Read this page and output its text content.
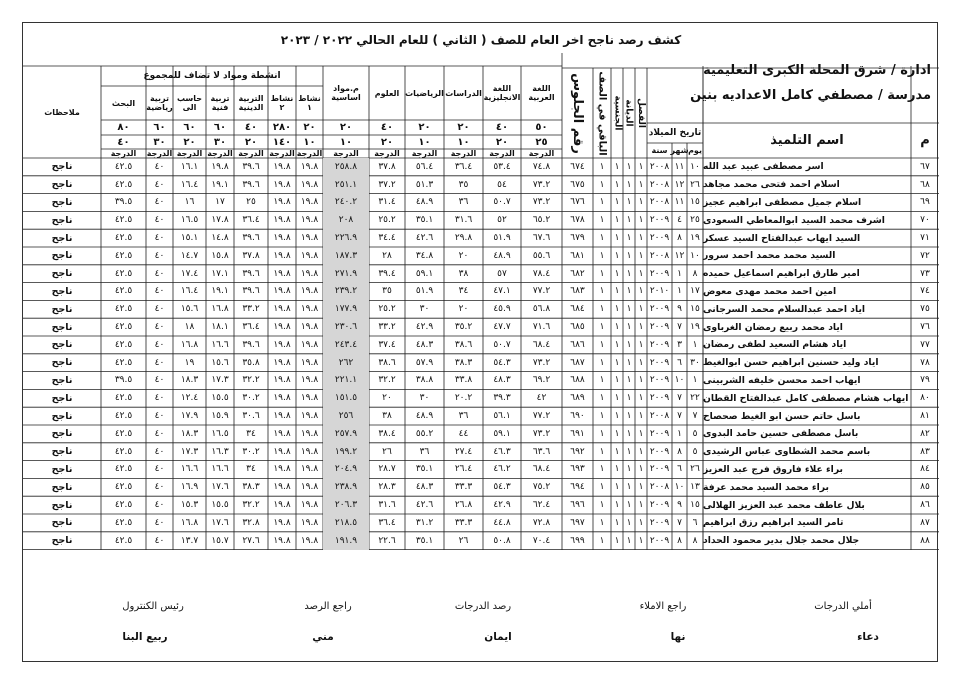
كشف رصد ناجح اخر العام للصف ( الثاني ) للعام الحالي ٢٠٢٢ / ٢٠٢٣
ادارة / شرق المحلة الكبرى التعليمية
مدرسة / مصطفي كامل الاعداديه بنين
ملاحظات
انشطة ومواد لا تضاف للمجموع
البحث
٨٠
٤٠
الدرجة
تربية رياضية
٦٠
٣٠
الدرجة
حاسب الى
٦٠
٢٠
الدرجة
تربية فنية
٦٠
٣٠
الدرجة
التربية الدينية
٤٠
٢٠
الدرجة
نشاط ٢
٢٨٠
١٤٠
الدرجة
نشاط ١
٢٠
١٠
الدرجة
م.مواد اساسية
٢٠
١٠
الدرجة
العلوم
٤٠
٢٠
الدرجة
الرياضيات
٢٠
١٠
الدرجة
الدراسات
٢٠
١٠
الدرجة
اللغة الانجليزية
٤٠
٢٠
الدرجة
اللغة العربية
٥٠
٢٥
الدرجة
م
اسم التلميذ
تاريخ الميلاد
سنة شهر يوم
رقم الجلوس الباقي في الصف الجنسية الديانة الفصل
٦٧
اسر مصطفى عبيد عبد الله
١٠
١١
٢٠٠٨
١
١
١
١
٦٧٤
٧٤.٨
٥٣.٤
٣٦.٤
٥٦.٤
٣٧.٨
٢٥٨.٨
١٩.٨
١٩.٨
٣٩.٦
١٩.٨
١٦.١
٤٠
٤٢.٥
ناجح
٦٨
اسلام احمد فتحى محمد مجاهد
٢٦
١٢
٢٠٠٨
١
١
١
١
٦٧٥
٧٣.٢
٥٤
٣٥
٥١.٣
٣٧.٢
٢٥١.١
١٩.٨
١٩.٨
٣٩.٦
١٩.١
١٦.٤
٤٠
٤٢.٥
ناجح
٦٩
اسلام جميل مصطفى ابراهيم عجيز
١٥
١١
٢٠٠٨
١
١
١
١
٦٧٦
٧٣.٢
٥٠.٧
٣٦
٤٨.٩
٣١.٤
٢٤٠.٢
١٩.٨
١٩.٨
٢٥
١٧
١٦
٤٠
٣٩.٥
ناجح
٧٠
اشرف محمد السيد ابوالمعاطي السعودى
٢٥
٤
٢٠٠٩
١
١
١
١
٦٧٨
٦٥.٢
٥٢
٣١.٦
٣٥.١
٢٥.٢
٢٠٨
١٩.٨
١٩.٨
٣٦.٤
١٧.٨
١٦.٥
٤٠
٤٢.٥
ناجح
٧١
السيد ايهاب عبدالفتاح السيد عسكر
١٩
٨
٢٠٠٩
١
١
١
١
٦٧٩
٦٧.٦
٥١.٩
٢٩.٨
٤٢.٦
٣٤.٤
٢٢٦.٩
١٩.٨
١٩.٨
٣٩.٦
١٤.٨
١٥.١
٤٠
٤٢.٥
ناجح
٧٢
السيد محمد محمد احمد سرور
١٠
١٢
٢٠٠٨
١
١
١
١
٦٨١
٥٥.٦
٤٨.٩
٢٠
٣٤.٨
٢٨
١٨٧.٣
١٩.٨
١٩.٨
٣٧.٨
١٥.٨
١٤.٧
٤٠
٤٢.٥
ناجح
٧٣
امير طارق ابراهيم اسماعيل حميده
٨
١
٢٠٠٩
١
١
١
١
٦٨٢
٧٨.٤
٥٧
٣٨
٥٩.١
٣٩.٤
٢٧١.٩
١٩.٨
١٩.٨
٣٩.٦
١٧.١
١٧.٤
٤٠
٤٢.٥
ناجح
٧٤
امين احمد محمد مهدى معوض
١٧
١
٢٠١٠
١
١
١
١
٦٨٣
٧٧.٢
٤٧.١
٣٤
٥١.٩
٣٥
٢٣٩.٢
١٩.٨
١٩.٨
٣٩.٦
١٩.١
١٦.٤
٤٠
٤٢.٥
ناجح
٧٥
اياد احمد عبدالسلام محمد السرجانى
١٥
٩
٢٠٠٩
١
١
١
١
٦٨٤
٥٦.٨
٤٥.٩
٢٠
٣٠
٢٥.٢
١٧٧.٩
١٩.٨
١٩.٨
٣٣.٢
١٦.٨
١٥.٦
٤٠
٤٢.٥
ناجح
٧٦
اياد محمد ربيع رمضان الغرباوى
١٩
٧
٢٠٠٩
١
١
١
١
٦٨٥
٧١.٦
٤٧.٧
٣٥.٢
٤٢.٩
٣٣.٢
٢٣٠.٦
١٩.٨
١٩.٨
٣٦.٤
١٨.١
١٨
٤٠
٤٢.٥
ناجح
٧٧
اياد هشام السعيد لطفى رمضان
١
٣
٢٠٠٩
١
١
١
١
٦٨٦
٦٨.٤
٥٠.٧
٣٨.٦
٤٨.٣
٣٧.٤
٢٤٣.٤
١٩.٨
١٩.٨
٣٩.٦
١٦.٦
١٦.٨
٤٠
٤٢.٥
ناجح
٧٨
اياد وليد حسنين ابراهيم حسن ابوالغيط
٣٠
٦
٢٠٠٩
١
١
١
١
٦٨٧
٧٣.٢
٥٤.٣
٣٨.٣
٥٧.٩
٣٨.٦
٢٦٢
١٩.٨
١٩.٨
٣٥.٨
١٥.٦
١٩
٤٠
٤٢.٥
ناجح
٧٩
ايهاب احمد محسن خليفه الشربينى
١
١٠
٢٠٠٩
١
١
١
١
٦٨٨
٦٩.٢
٤٨.٣
٣٣.٨
٣٨.٨
٣٢.٢
٢٢١.١
١٩.٨
١٩.٨
٣٢.٢
١٧.٣
١٨.٣
٤٠
٣٩.٥
ناجح
٨٠
ايهاب هشام مصطفى كامل عبدالفتاح القطان
٢٢
٧
٢٠٠٩
١
١
١
١
٦٨٩
٤٢
٣٩.٣
٢٠.٢
٣٠
٢٠
١٥١.٥
١٩.٨
١٩.٨
٣٠.٢
١٥.٥
١٢.٤
٤٠
٤٢.٥
ناجح
٨١
باسل حاتم حسن ابو الغيط صحصاح
٧
٧
٢٠٠٨
١
١
١
١
٦٩٠
٧٧.٢
٥٦.١
٣٦
٤٨.٩
٣٨
٢٥٦
١٩.٨
١٩.٨
٣٠.٦
١٥.٩
١٧.٩
٤٠
٤٢.٥
ناجح
٨٢
باسل مصطفى حسين حامد البدوى
٥
١
٢٠٠٩
١
١
١
١
٦٩١
٧٣.٢
٥٩.١
٤٤
٥٥.٢
٣٨.٤
٢٥٧.٩
١٩.٨
١٩.٨
٣٤
١٦.٥
١٨.٣
٤٠
٤٢.٥
ناجح
٨٣
باسم محمد الشطاوى عباس الرشيدى
٥
٨
٢٠٠٩
١
١
١
١
٦٩٢
٦٣.٦
٤٦.٣
٢٧.٤
٣٦
٢٦
١٩٩.٢
١٩.٨
١٩.٨
٣٠.٢
١٦.٣
١٧.٣
٤٠
٤٢.٥
ناجح
٨٤
براء علاء فاروق فرج عبد العزيز
٢٦
٦
٢٠٠٩
١
١
١
١
٦٩٣
٦٨.٤
٤٦.٢
٢٦.٤
٣٥.١
٢٨.٧
٢٠٤.٩
١٩.٨
١٩.٨
٣٤
١٦.٦
١٦.٦
٤٠
٤٢.٥
ناجح
٨٥
براء محمد السيد محمد عرفة
١٣
١٠
٢٠٠٨
١
١
١
١
٦٩٤
٧٥.٢
٥٤.٣
٣٣.٣
٤٨.٣
٢٨.٣
٢٣٨.٩
١٩.٨
١٩.٨
٣٨.٣
١٧.٦
١٦.٩
٤٠
٤٢.٥
ناجح
٨٦
بلال عاطف محمد عبد العزيز الهلالى
١٥
٩
٢٠٠٩
١
١
١
١
٦٩٦
٦٢.٤
٤٢.٩
٢٦.٨
٤٢.٦
٣١.٦
٢٠٦.٣
١٩.٨
١٩.٨
٣٢.٢
١٥.٥
١٥.٣
٤٠
٤٢.٥
ناجح
٨٧
تامر السيد ابراهيم رزق ابراهيم
٦
٧
٢٠٠٩
١
١
١
١
٦٩٧
٧٢.٨
٤٤.٨
٣٣.٣
٣١.٢
٣٦.٤
٢١٨.٥
١٩.٨
١٩.٨
٣٢.٨
١٧.٦
١٦.٨
٤٠
٤٢.٥
ناجح
٨٨
جلال محمد جلال بدير محمود الحداد
٨
٨
٢٠٠٩
١
١
١
١
٦٩٩
٧٠.٤
٥٠.٨
٢٦
٣٥.١
٢٢.٦
١٩١.٩
١٩.٨
١٩.٨
٢٧.٦
١٥.٧
١٣.٧
٤٠
٤٢.٥
ناجح
أملي الدرجات
راجع الاملاء
رصد الدرجات
راجع الرصد
رئيس الكنترول
دعاء
نها
ايمان
مني
ربيع البنا
